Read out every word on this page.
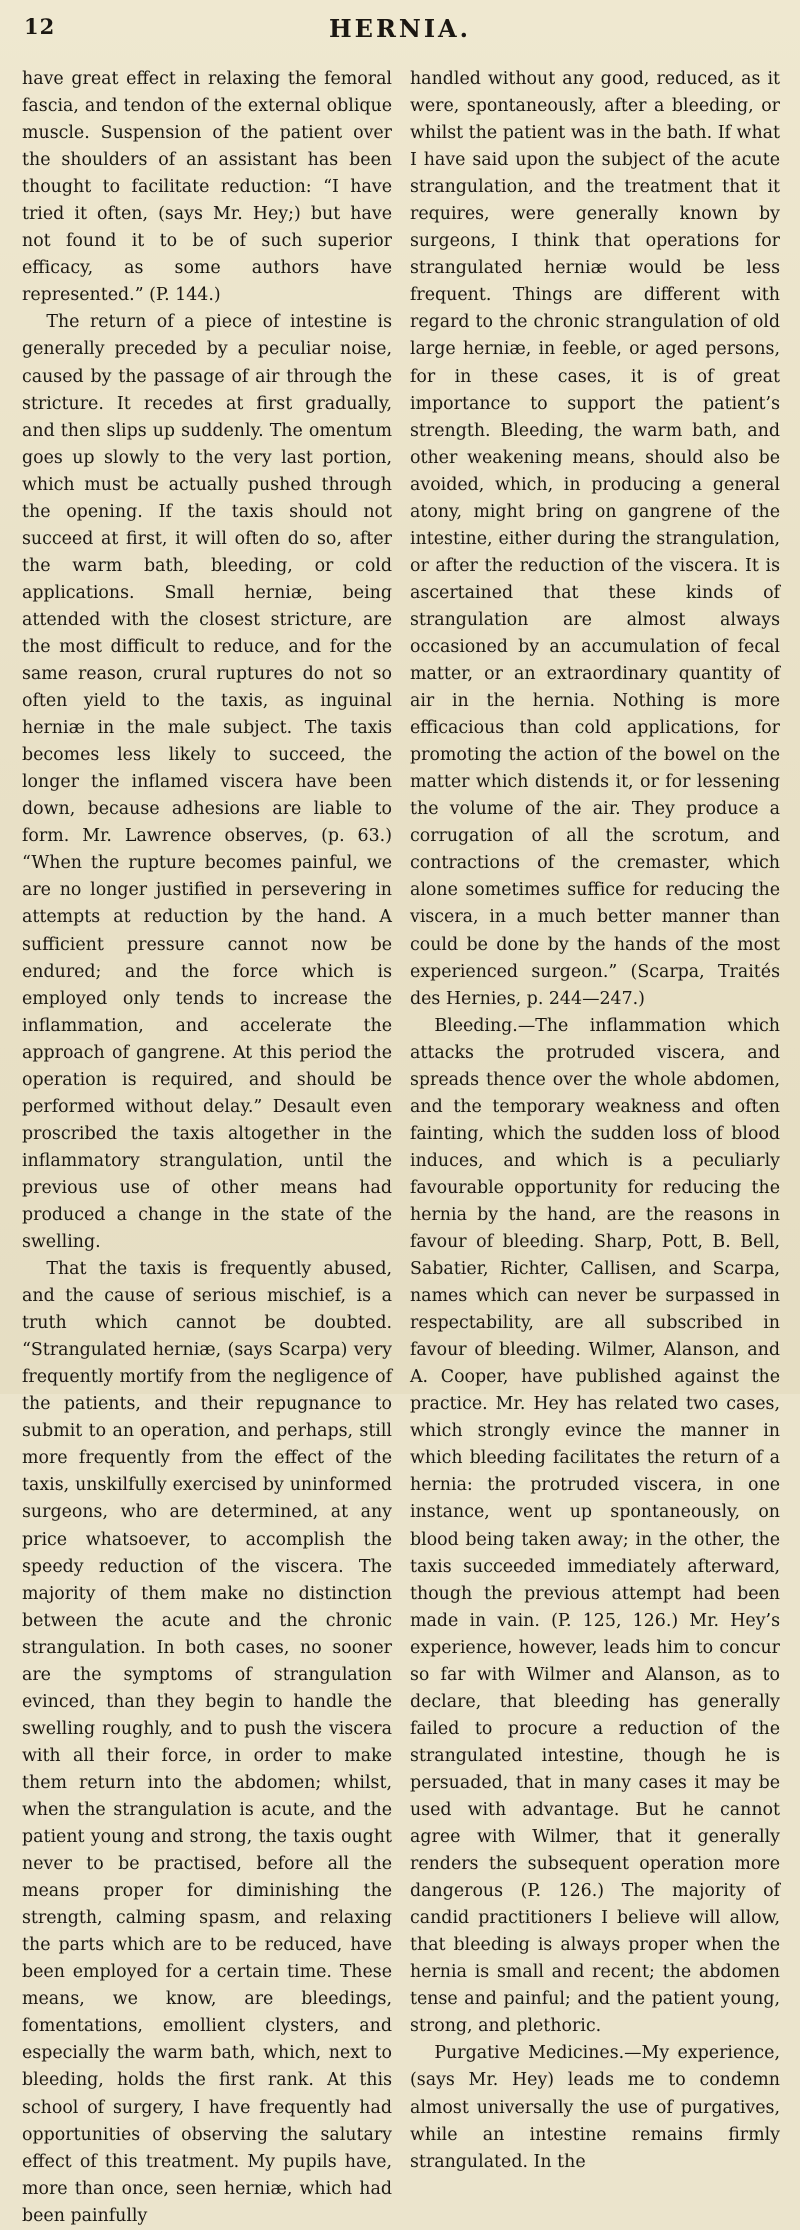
12	HERNIA.

have great effect in relaxing the femoral fascia, and tendon of the external oblique muscle. Suspension of the patient over the shoulders of an assistant has been thought to facilitate reduction: “I have tried it often, (says Mr. Hey;) but have not found it to be of such superior efficacy, as some authors have represented.” (P. 144.)

The return of a piece of intestine is generally preceded by a peculiar noise, caused by the passage of air through the stricture. It recedes at first gradually, and then slips up suddenly. The omentum goes up slowly to the very last portion, which must be actually pushed through the opening. If the taxis should not succeed at first, it will often do so, after the warm bath, bleeding, or cold applications. Small herniæ, being attended with the closest stricture, are the most difficult to reduce, and for the same reason, crural ruptures do not so often yield to the taxis, as inguinal herniæ in the male subject. The taxis becomes less likely to succeed, the longer the inflamed viscera have been down, because adhesions are liable to form. Mr. Lawrence observes, (p. 63.) “When the rupture becomes painful, we are no longer justified in persevering in attempts at reduction by the hand. A sufficient pressure cannot now be endured; and the force which is employed only tends to increase the inflammation, and accelerate the approach of gangrene. At this period the operation is required, and should be performed without delay.” Desault even proscribed the taxis altogether in the inflammatory strangulation, until the previous use of other means had produced a change in the state of the swelling.

That the taxis is frequently abused, and the cause of serious mischief, is a truth which cannot be doubted. “Strangulated herniæ, (says Scarpa) very frequently mortify from the negligence of the patients, and their repugnance to submit to an operation, and perhaps, still more frequently from the effect of the taxis, unskilfully exercised by uninformed surgeons, who are determined, at any price whatsoever, to accomplish the speedy reduction of the viscera. The majority of them make no distinction between the acute and the chronic strangulation. In both cases, no sooner are the symptoms of strangulation evinced, than they begin to handle the swelling roughly, and to push the viscera with all their force, in order to make them return into the abdomen; whilst, when the strangulation is acute, and the patient young and strong, the taxis ought never to be practised, before all the means proper for diminishing the strength, calming spasm, and relaxing the parts which are to be reduced, have been employed for a certain time. These means, we know, are bleedings, fomentations, emollient clysters, and especially the warm bath, which, next to bleeding, holds the first rank. At this school of surgery, I have frequently had opportunities of observing the salutary effect of this treatment. My pupils have, more than once, seen herniæ, which had been painfully

handled without any good, reduced, as it were, spontaneously, after a bleeding, or whilst the patient was in the bath. If what I have said upon the subject of the acute strangulation, and the treatment that it requires, were generally known by surgeons, I think that operations for strangulated herniæ would be less frequent. Things are different with regard to the chronic strangulation of old large herniæ, in feeble, or aged persons, for in these cases, it is of great importance to support the patient’s strength. Bleeding, the warm bath, and other weakening means, should also be avoided, which, in producing a general atony, might bring on gangrene of the intestine, either during the strangulation, or after the reduction of the viscera. It is ascertained that these kinds of strangulation are almost always occasioned by an accumulation of fecal matter, or an extraordinary quantity of air in the hernia. Nothing is more efficacious than cold applications, for promoting the action of the bowel on the matter which distends it, or for lessening the volume of the air. They produce a corrugation of all the scrotum, and contractions of the cremaster, which alone sometimes suffice for reducing the viscera, in a much better manner than could be done by the hands of the most experienced surgeon.” (Scarpa, Traités des Hernies, p. 244—247.)

Bleeding.—The inflammation which attacks the protruded viscera, and spreads thence over the whole abdomen, and the temporary weakness and often fainting, which the sudden loss of blood induces, and which is a peculiarly favourable opportunity for reducing the hernia by the hand, are the reasons in favour of bleeding. Sharp, Pott, B. Bell, Sabatier, Richter, Callisen, and Scarpa, names which can never be surpassed in respectability, are all subscribed in favour of bleeding. Wilmer, Alanson, and A. Cooper, have published against the practice. Mr. Hey has related two cases, which strongly evince the manner in which bleeding facilitates the return of a hernia: the protruded viscera, in one instance, went up spontaneously, on blood being taken away; in the other, the taxis succeeded immediately afterward, though the previous attempt had been made in vain. (P. 125, 126.) Mr. Hey’s experience, however, leads him to concur so far with Wilmer and Alanson, as to declare, that bleeding has generally failed to procure a reduction of the strangulated intestine, though he is persuaded, that in many cases it may be used with advantage. But he cannot agree with Wilmer, that it generally renders the subsequent operation more dangerous (P. 126.) The majority of candid practitioners I believe will allow, that bleeding is always proper when the hernia is small and recent; the abdomen tense and painful; and the patient young, strong, and plethoric.

Purgative Medicines.—My experience, (says Mr. Hey) leads me to condemn almost universally the use of purgatives, while an intestine remains firmly strangulated. In the
